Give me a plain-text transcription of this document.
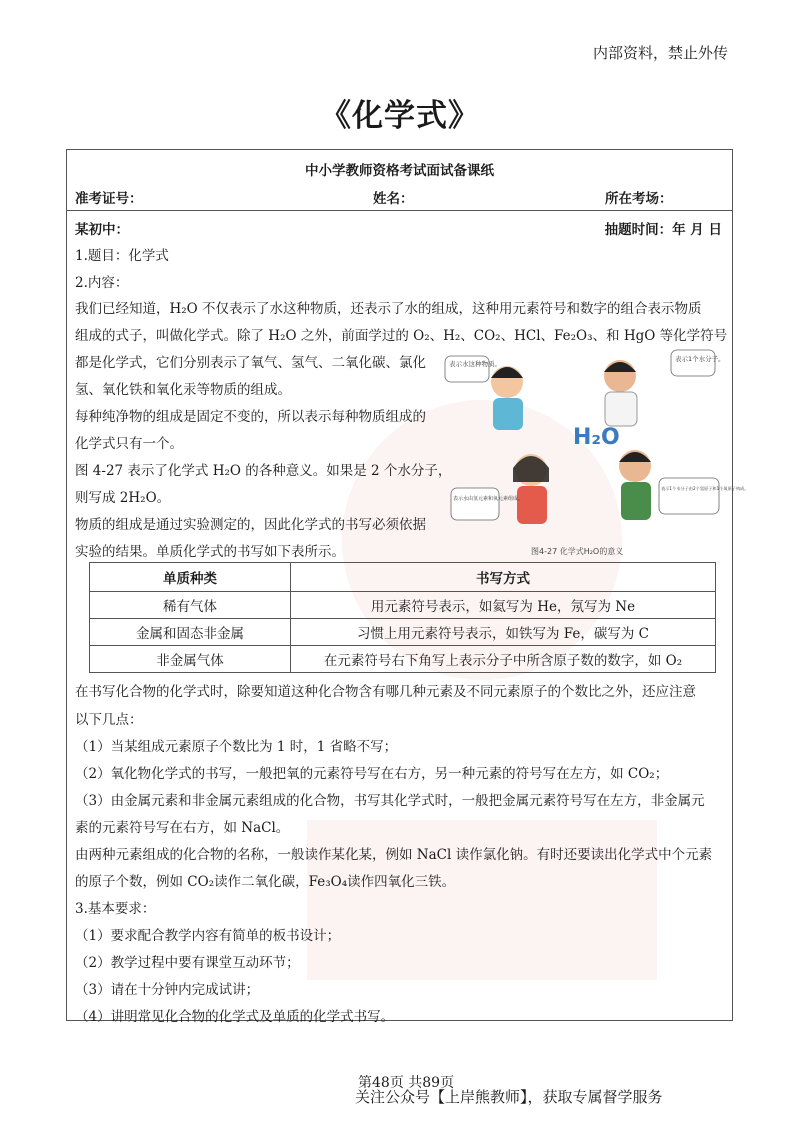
内部资料，禁止外传
《化学式》
中小学教师资格考试面试备课纸
准考证号：	姓名：	所在考场：
某初中：	抽题时间：年 月 日
1.题目：化学式
2.内容：
我们已经知道，H₂O 不仅表示了水这种物质，还表示了水的组成，这种用元素符号和数字的组合表示物质
组成的式子，叫做化学式。除了 H₂O 之外，前面学过的 O₂、H₂、CO₂、HCl、Fe₂O₃、和 HgO 等化学符号
都是化学式，它们分别表示了氧气、氢气、二氧化碳、氯化
氢、氧化铁和氧化汞等物质的组成。
每种纯净物的组成是固定不变的，所以表示每种物质组成的
化学式只有一个。
图 4-27 表示了化学式 H₂O 的各种意义。如果是 2 个水分子，
则写成 2H₂O。
物质的组成是通过实验测定的，因此化学式的书写必须依据
实验的结果。单质化学式的书写如下表所示。
表示水这种物质。
表示1个水分子。
表示水由氢元素和氧元素组成。
表示1个水分子由2个氢原子和1个氧原子构成。
H₂O
图4-27 化学式H₂O的意义
单质种类	书写方式
稀有气体	用元素符号表示，如氦写为 He，氖写为 Ne
金属和固态非金属	习惯上用元素符号表示，如铁写为 Fe，碳写为 C
非金属气体	在元素符号右下角写上表示分子中所含原子数的数字，如 O₂
在书写化合物的化学式时，除要知道这种化合物含有哪几种元素及不同元素原子的个数比之外，还应注意
以下几点：
（1）当某组成元素原子个数比为 1 时，1 省略不写；
（2）氧化物化学式的书写，一般把氧的元素符号写在右方，另一种元素的符号写在左方，如 CO₂；
（3）由金属元素和非金属元素组成的化合物，书写其化学式时，一般把金属元素符号写在左方，非金属元
素的元素符号写在右方，如 NaCl。
由两种元素组成的化合物的名称，一般读作某化某，例如 NaCl 读作氯化钠。有时还要读出化学式中个元素
的原子个数，例如 CO₂读作二氧化碳，Fe₃O₄读作四氧化三铁。
3.基本要求：
（1）要求配合教学内容有简单的板书设计；
（2）教学过程中要有课堂互动环节；
（3）请在十分钟内完成试讲；
（4）讲明常见化合物的化学式及单质的化学式书写。
第48页 共89页
关注公众号【上岸熊教师】，获取专属督学服务
